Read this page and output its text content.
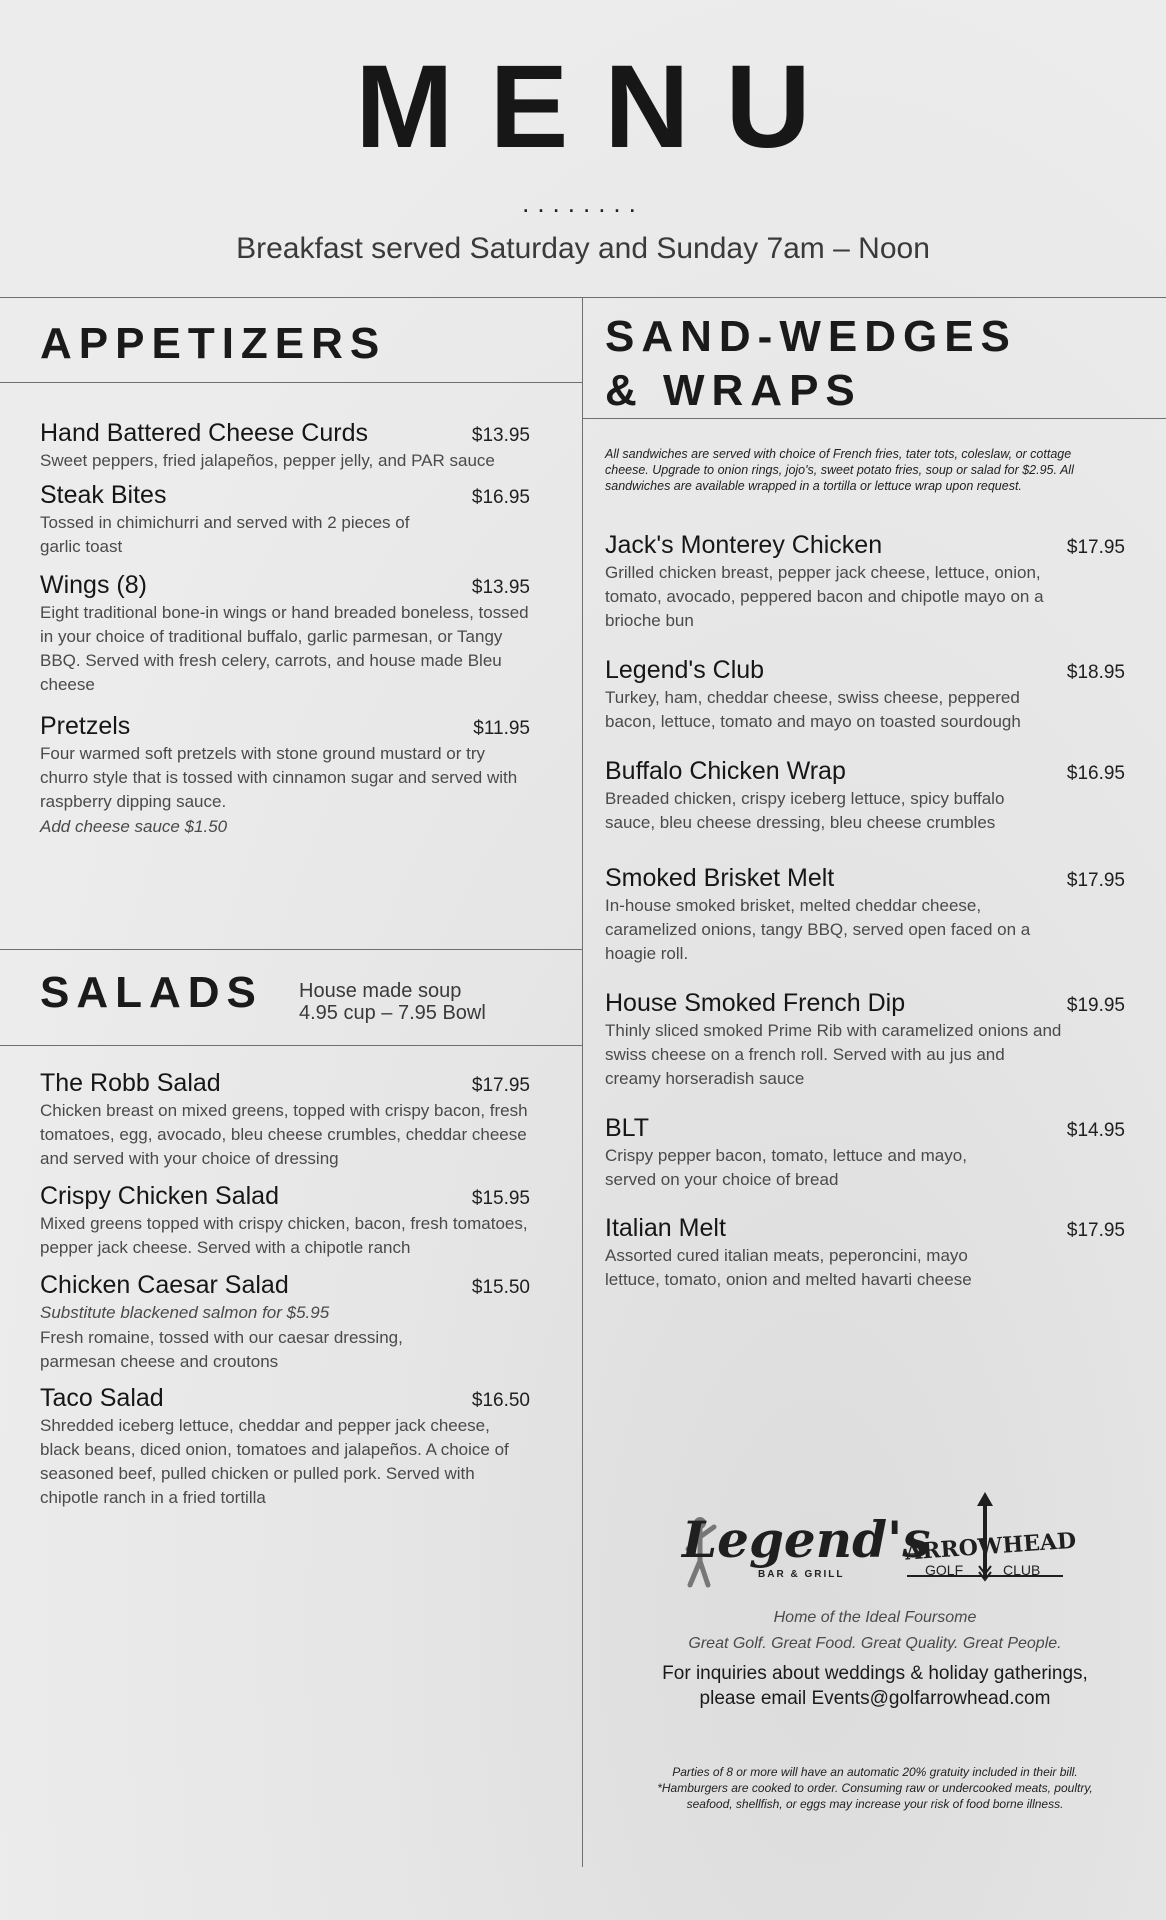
MENU
........
Breakfast served Saturday and Sunday 7am – Noon
APPETIZERS
Hand Battered Cheese Curds	$13.95
Sweet peppers, fried jalapeños, pepper jelly, and PAR sauce
Steak Bites	$16.95
Tossed in chimichurri and served with 2 pieces of garlic toast
Wings (8)	$13.95
Eight traditional bone-in wings or hand breaded boneless, tossed in your choice of traditional buffalo, garlic parmesan, or Tangy BBQ. Served with fresh celery, carrots, and house made Bleu cheese
Pretzels	$11.95
Four warmed soft pretzels with stone ground mustard or try churro style that is tossed with cinnamon sugar and served with raspberry dipping sauce.
Add cheese sauce $1.50
SALADS House made soup
4.95 cup – 7.95 Bowl
The Robb Salad	$17.95
Chicken breast on mixed greens, topped with crispy bacon, fresh tomatoes, egg, avocado, bleu cheese crumbles, cheddar cheese and served with your choice of dressing
Crispy Chicken Salad	$15.95
Mixed greens topped with crispy chicken, bacon, fresh tomatoes, pepper jack cheese. Served with a chipotle ranch
Chicken Caesar Salad	$15.50
Substitute blackened salmon for $5.95
Fresh romaine, tossed with our caesar dressing, parmesan cheese and croutons
Taco Salad	$16.50
Shredded iceberg lettuce, cheddar and pepper jack cheese, black beans, diced onion, tomatoes and jalapeños. A choice of seasoned beef, pulled chicken or pulled pork. Served with chipotle ranch in a fried tortilla
SAND-WEDGES
& WRAPS
All sandwiches are served with choice of French fries, tater tots, coleslaw, or cottage cheese. Upgrade to onion rings, jojo's, sweet potato fries, soup or salad for $2.95. All sandwiches are available wrapped in a tortilla or lettuce wrap upon request.
Jack's Monterey Chicken	$17.95
Grilled chicken breast, pepper jack cheese, lettuce, onion, tomato, avocado, peppered bacon and chipotle mayo on a brioche bun
Legend's Club	$18.95
Turkey, ham, cheddar cheese, swiss cheese, peppered bacon, lettuce, tomato and mayo on toasted sourdough
Buffalo Chicken Wrap	$16.95
Breaded chicken, crispy iceberg lettuce, spicy buffalo sauce, bleu cheese dressing, bleu cheese crumbles
Smoked Brisket Melt	$17.95
In-house smoked brisket, melted cheddar cheese, caramelized onions, tangy BBQ, served open faced on a hoagie roll.
House Smoked French Dip	$19.95
Thinly sliced smoked Prime Rib with caramelized onions and swiss cheese on a french roll. Served with au jus and creamy horseradish sauce
BLT	$14.95
Crispy pepper bacon, tomato, lettuce and mayo, served on your choice of bread
Italian Melt	$17.95
Assorted cured italian meats, peperoncini, mayo lettuce, tomato, onion and melted havarti cheese
Legend's
BAR & GRILL
ARROWHEAD
GOLF	CLUB
Home of the Ideal Foursome
Great Golf. Great Food. Great Quality. Great People.
For inquiries about weddings & holiday gatherings,
please email Events@golfarrowhead.com
Parties of 8 or more will have an automatic 20% gratuity included in their bill.
*Hamburgers are cooked to order. Consuming raw or undercooked meats, poultry,
seafood, shellfish, or eggs may increase your risk of food borne illness.
